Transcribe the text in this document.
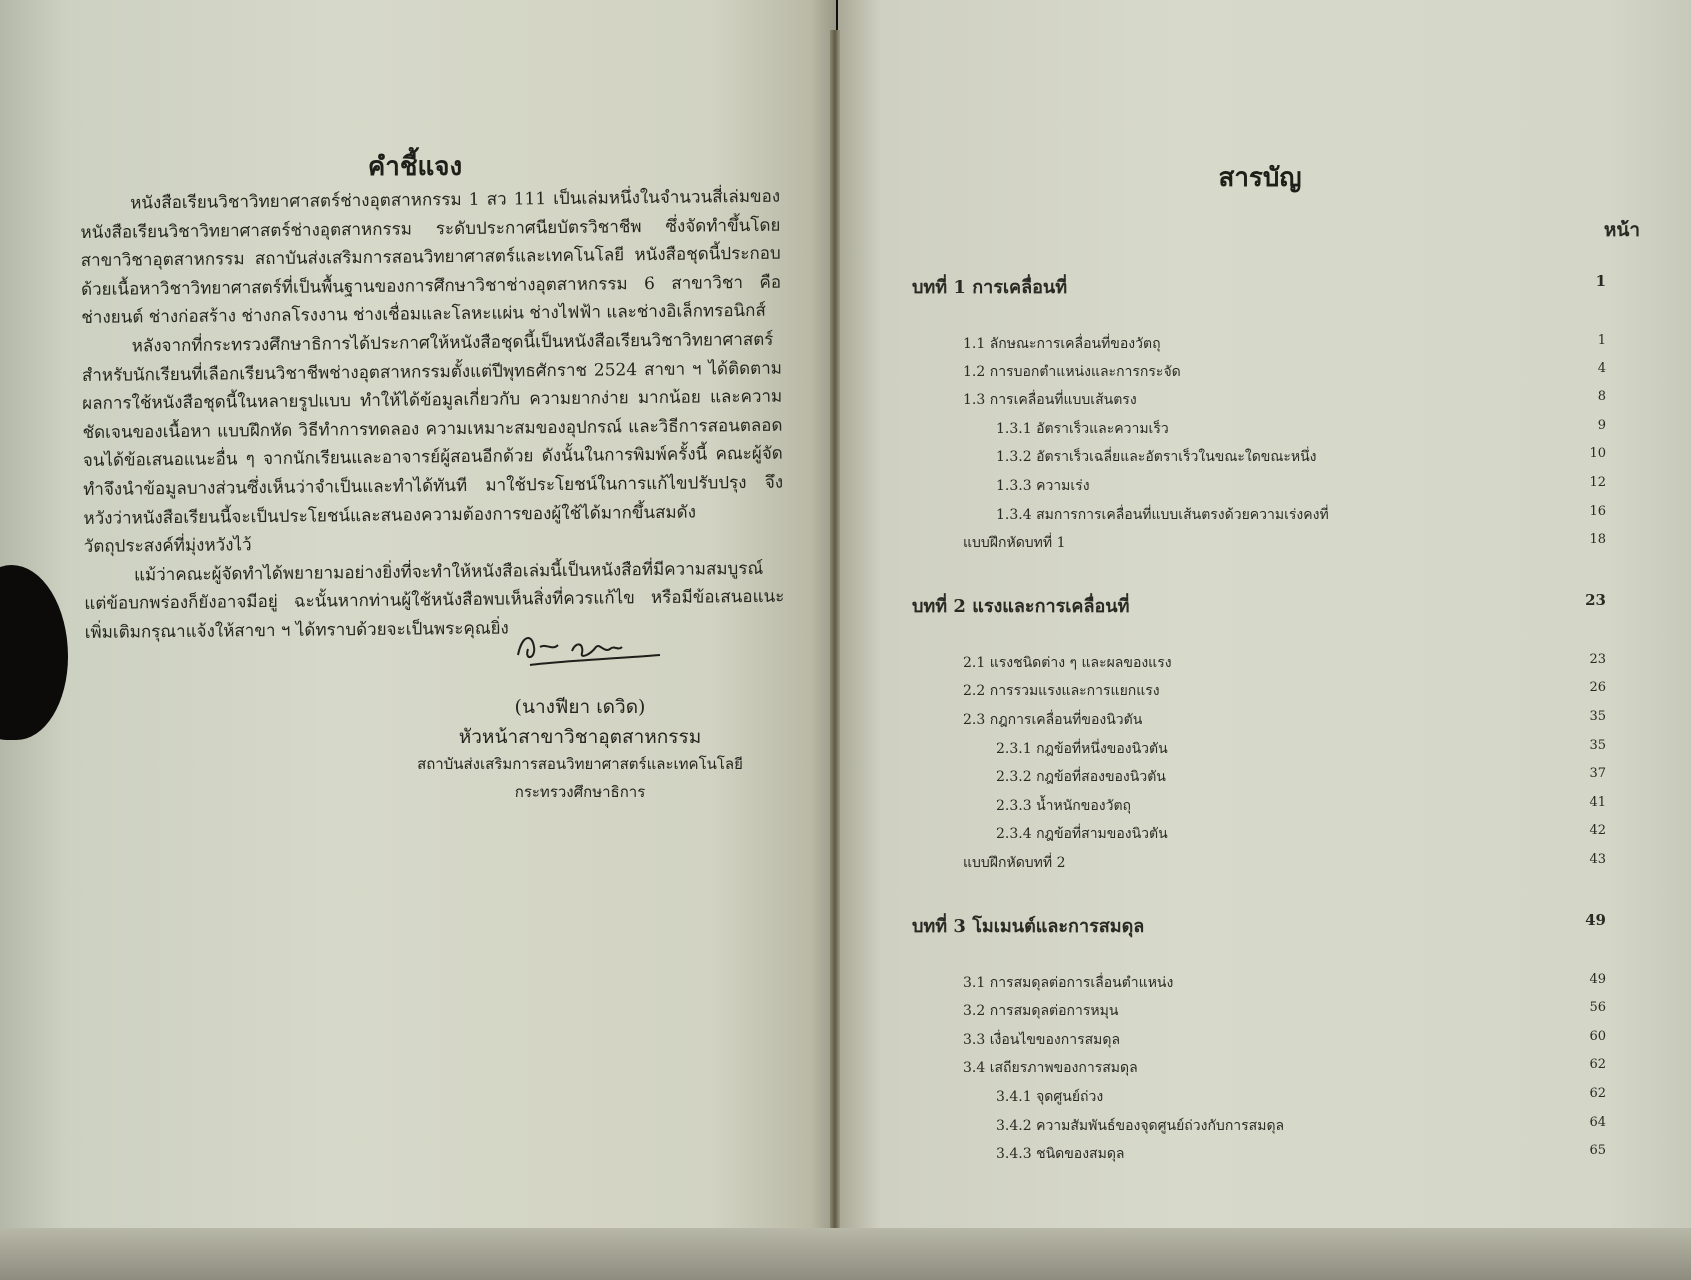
คำชี้แจง

หนังสือเรียนวิชาวิทยาศาสตร์ช่างอุตสาหกรรม 1 สว 111 เป็นเล่มหนึ่งในจำนวนสี่เล่มของหนังสือเรียนวิชาวิทยาศาสตร์ช่างอุตสาหกรรม ระดับประกาศนียบัตรวิชาชีพ ซึ่งจัดทำขึ้นโดยสาขาวิชาอุตสาหกรรม สถาบันส่งเสริมการสอนวิทยาศาสตร์และเทคโนโลยี หนังสือชุดนี้ประกอบด้วยเนื้อหาวิชาวิทยาศาสตร์ที่เป็นพื้นฐานของการศึกษาวิชาช่างอุตสาหกรรม 6 สาขาวิชา คือ ช่างยนต์ ช่างก่อสร้าง ช่างกลโรงงาน ช่างเชื่อมและโลหะแผ่น ช่างไฟฟ้า และช่างอิเล็กทรอนิกส์

หลังจากที่กระทรวงศึกษาธิการได้ประกาศให้หนังสือชุดนี้เป็นหนังสือเรียนวิชาวิทยาศาสตร์สำหรับนักเรียนที่เลือกเรียนวิชาชีพช่างอุตสาหกรรมตั้งแต่ปีพุทธศักราช 2524 สาขา ฯ ได้ติดตามผลการใช้หนังสือชุดนี้ในหลายรูปแบบ ทำให้ได้ข้อมูลเกี่ยวกับ ความยากง่าย มากน้อย และความชัดเจนของเนื้อหา แบบฝึกหัด วิธีทำการทดลอง ความเหมาะสมของอุปกรณ์ และวิธีการสอนตลอดจนได้ข้อเสนอแนะอื่น ๆ จากนักเรียนและอาจารย์ผู้สอนอีกด้วย ดังนั้นในการพิมพ์ครั้งนี้ คณะผู้จัดทำจึงนำข้อมูลบางส่วนซึ่งเห็นว่าจำเป็นและทำได้ทันที มาใช้ประโยชน์ในการแก้ไขปรับปรุง จึงหวังว่าหนังสือเรียนนี้จะเป็นประโยชน์และสนองความต้องการของผู้ใช้ได้มากขึ้นสมดังวัตถุประสงค์ที่มุ่งหวังไว้

แม้ว่าคณะผู้จัดทำได้พยายามอย่างยิ่งที่จะทำให้หนังสือเล่มนี้เป็นหนังสือที่มีความสมบูรณ์ แต่ข้อบกพร่องก็ยังอาจมีอยู่ ฉะนั้นหากท่านผู้ใช้หนังสือพบเห็นสิ่งที่ควรแก้ไข หรือมีข้อเสนอแนะเพิ่มเติมกรุณาแจ้งให้สาขา ฯ ได้ทราบด้วยจะเป็นพระคุณยิ่ง

(นางฟียา เดวิด)
หัวหน้าสาขาวิชาอุตสาหกรรม
สถาบันส่งเสริมการสอนวิทยาศาสตร์และเทคโนโลยี
กระทรวงศึกษาธิการ
สารบัญ
หน้า
บทที่ 1 การเคลื่อนที่	1
1.1 ลักษณะการเคลื่อนที่ของวัตถุ	1
1.2 การบอกตำแหน่งและการกระจัด	4
1.3 การเคลื่อนที่แบบเส้นตรง	8
1.3.1 อัตราเร็วและความเร็ว	9
1.3.2 อัตราเร็วเฉลี่ยและอัตราเร็วในขณะใดขณะหนึ่ง	10
1.3.3 ความเร่ง	12
1.3.4 สมการการเคลื่อนที่แบบเส้นตรงด้วยความเร่งคงที่	16
แบบฝึกหัดบทที่ 1	18
บทที่ 2 แรงและการเคลื่อนที่	23
2.1 แรงชนิดต่าง ๆ และผลของแรง	23
2.2 การรวมแรงและการแยกแรง	26
2.3 กฎการเคลื่อนที่ของนิวตัน	35
2.3.1 กฎข้อที่หนึ่งของนิวตัน	35
2.3.2 กฎข้อที่สองของนิวตัน	37
2.3.3 น้ำหนักของวัตถุ	41
2.3.4 กฎข้อที่สามของนิวตัน	42
แบบฝึกหัดบทที่ 2	43
บทที่ 3 โมเมนต์และการสมดุล	49
3.1 การสมดุลต่อการเลื่อนตำแหน่ง	49
3.2 การสมดุลต่อการหมุน	56
3.3 เงื่อนไขของการสมดุล	60
3.4 เสถียรภาพของการสมดุล	62
3.4.1 จุดศูนย์ถ่วง	62
3.4.2 ความสัมพันธ์ของจุดศูนย์ถ่วงกับการสมดุล	64
3.4.3 ชนิดของสมดุล	65
